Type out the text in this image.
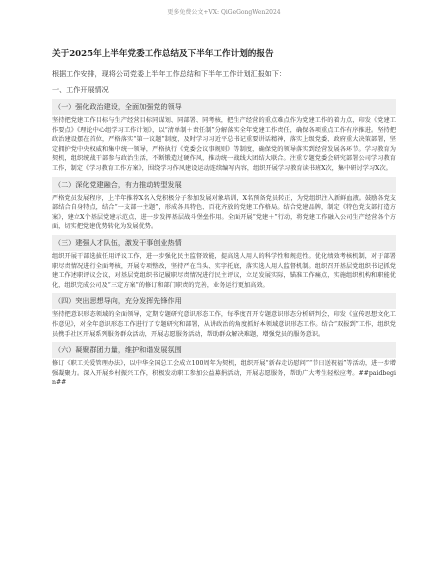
更多免费公文+VX: QiGeGongWen2024
关于2025年上半年党委工作总结及下半年工作计划的报告

根据工作安排，现将公司党委上半年工作总结和下半年工作计划汇报如下：

一、工作开展情况

（一）强化政治建设，全面加强党的领导

坚持把党建工作目标与生产经营目标同谋划、同部署、同考核，把生产经营的重点难点作为党建工作的着力点，印发《党建工作要点》《理论中心组学习工作计划》，以“清单制＋责任制”分解落实全年党建工作责任，确保各项重点工作有序推进。坚持把政治建设摆在首位，严格落实“第一议题”制度，及时学习习近平总书记重要讲话精神，落实上级党委、政府重大决策部署，坚定拥护党中央权威和集中统一领导，严格执行《党委会议事规则》等制度，确保党的领导落实到经营发展各环节。学习教育为契机，组织统战干部参与政治生活，不断锻造过硬作风，推动统一战线大团结大联合。注重专题党委会研究部署公司学习教育工作，制定《学习教育工作方案》，围绕学习作风建设运动连续编写内容，组织开展学习教育读书班X次，集中研讨学习X次。

（二）深化党建融合，有力推动转型发展

严格党员发展程序，上半年推荐X名入党积极分子参加发展对象培训，X名预备党员转正，为党组织注入新鲜血液。鼓励各党支部结合自身特点，结合“一支部一主题”，形成各具特色、百花齐放的党建工作格局。结合党建品牌，制定《特色党支部打造方案》，建立X个基层党建示范点，进一步发挥基层战斗堡垒作用。全面开展“党建＋”行动，将党建工作融入公司生产经营各个方面，切实把党建优势转化为发展优势。

（三）建强人才队伍，激发干事创业热情

组织开展干部选拔任用评议工作，进一步强化民主监督效能，提高选人用人的科学性和规范性。优化绩效考核机制，对于部署职尽责情况进行全面考核，开展专项整改，坚持严在当头、实字托底，落实选人用人监督机制。组织召开基层党组织书记抓党建工作述职评议会议，对基层党组织书记履职尽责情况进行民主评议，立足发展实际，锚准工作痛点，实施组织机构和职能优化，组织完成公司及“三定方案”的修订和部门职责的完善，业务运行更加高效。

（四）突出思想导向，充分发挥先锋作用

坚持把意识形态领域的全面领导，定期专题研究意识形态工作，每季度召开专题意识形态分析研判会，印发《宣传思想文化工作意见》，对全年意识形态工作进行了专题研究和部署，从讲政治的角度抓好本领域意识形态工作。结合“双报到”工作，组织党员携手社区开展系列服务群众活动，开展志愿服务活动，帮助群众解决难题，增强党员的服务意识。

（六）凝聚群团力量，维护和谐发展氛围

修订《职工关爱管理办法》，以中华全国总工会成立100周年为契机，组织开展“新春走访慰问”“节日送祝福”等活动，进一步增强凝聚力。深入开展乡村振兴工作，积极发动职工参加公益募捐活动，开展志愿服务，帮助广大考生轻松应考。##paidbegin##
